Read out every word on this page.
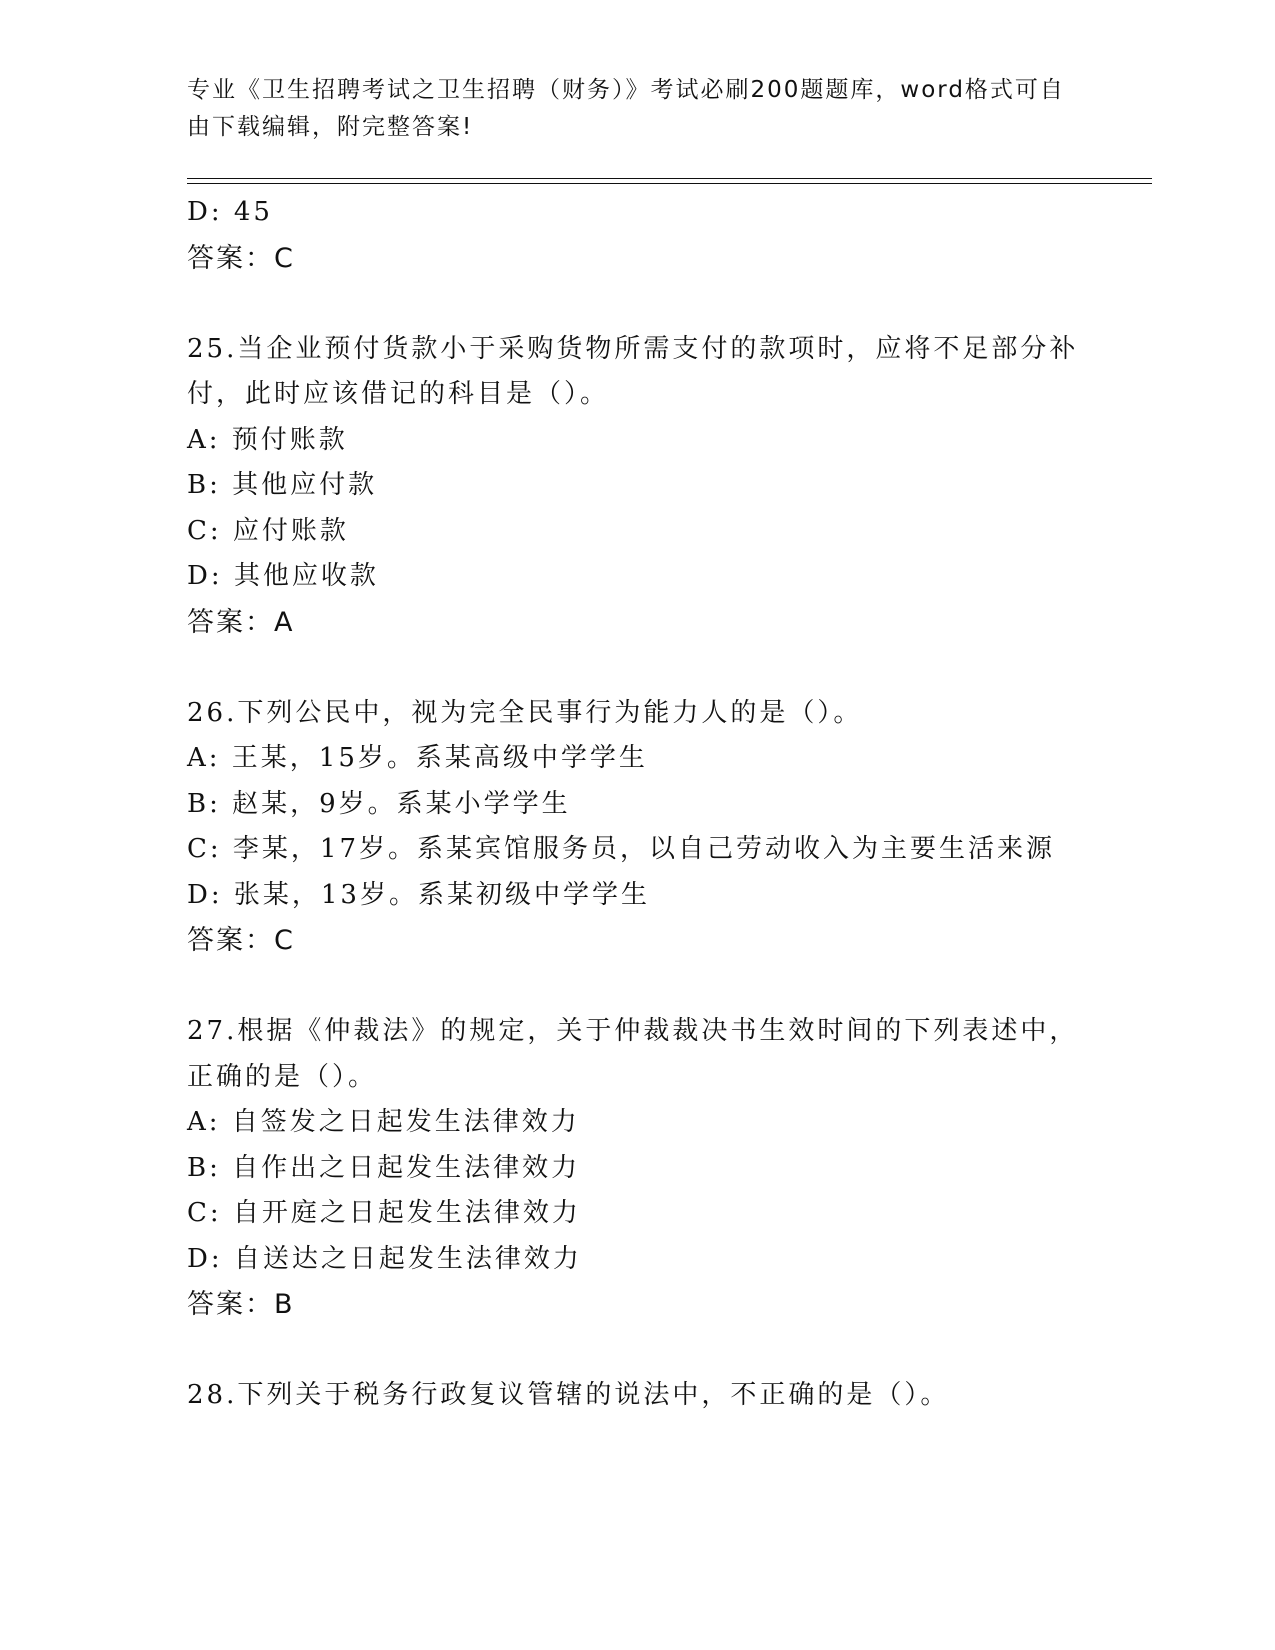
专业《卫生招聘考试之卫生招聘（财务）》考试必刷200题题库，word格式可自
由下载编辑，附完整答案!
D: 45
答案：C
25.当企业预付货款小于采购货物所需支付的款项时，应将不足部分补
付，此时应该借记的科目是（）。
A: 预付账款
B: 其他应付款
C: 应付账款
D: 其他应收款
答案：A
26.下列公民中，视为完全民事行为能力人的是（）。
A: 王某，15岁。系某高级中学学生
B: 赵某，9岁。系某小学学生
C: 李某，17岁。系某宾馆服务员，以自己劳动收入为主要生活来源
D: 张某，13岁。系某初级中学学生
答案：C
27.根据《仲裁法》的规定，关于仲裁裁决书生效时间的下列表述中，
正确的是（）。
A: 自签发之日起发生法律效力
B: 自作出之日起发生法律效力
C: 自开庭之日起发生法律效力
D: 自送达之日起发生法律效力
答案：B
28.下列关于税务行政复议管辖的说法中，不正确的是（）。
